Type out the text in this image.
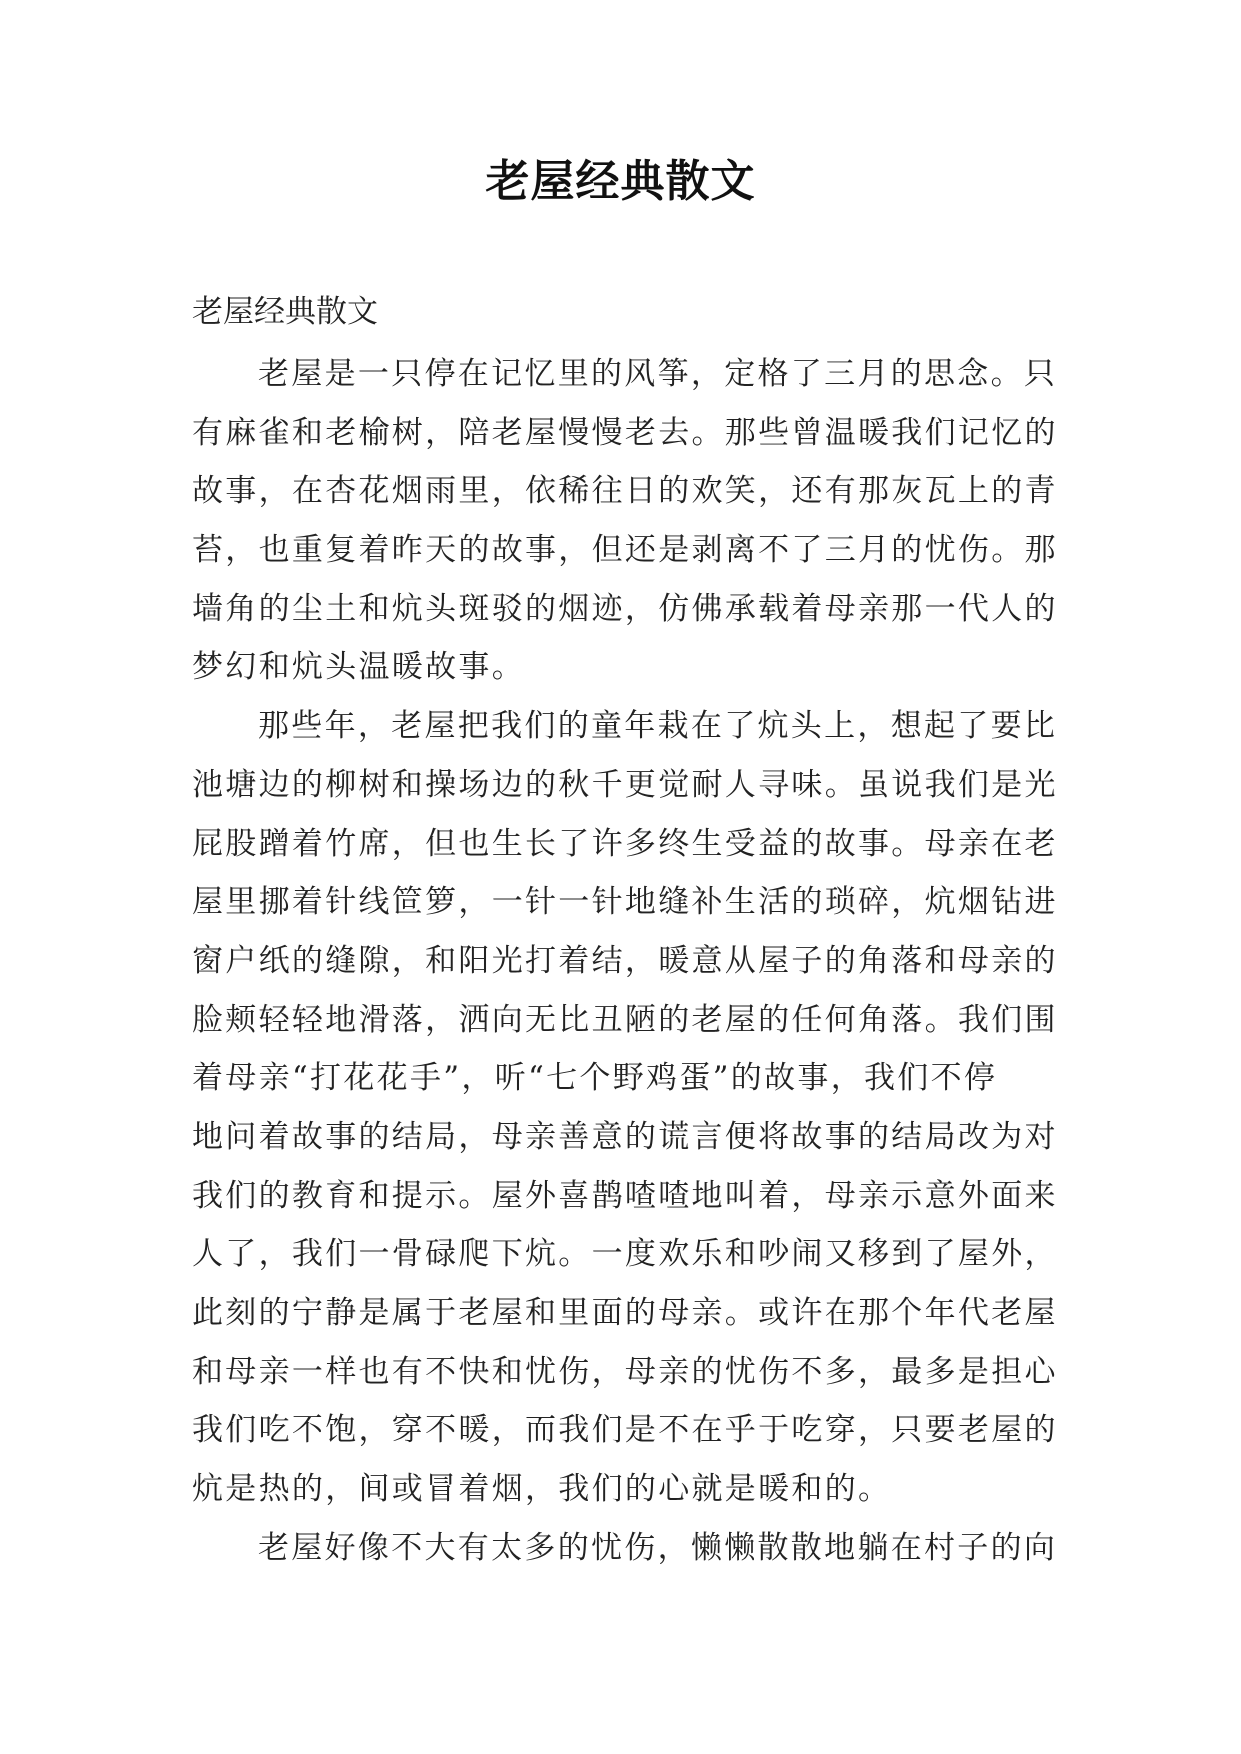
老屋经典散文
老屋经典散文
老屋是一只停在记忆里的风筝，定格了三月的思念。只
有麻雀和老榆树，陪老屋慢慢老去。那些曾温暖我们记忆的
故事，在杏花烟雨里，依稀往日的欢笑，还有那灰瓦上的青
苔，也重复着昨天的故事，但还是剥离不了三月的忧伤。那
墙角的尘土和炕头斑驳的烟迹，仿佛承载着母亲那一代人的
梦幻和炕头温暖故事。
那些年，老屋把我们的童年栽在了炕头上，想起了要比
池塘边的柳树和操场边的秋千更觉耐人寻味。虽说我们是光
屁股蹭着竹席，但也生长了许多终生受益的故事。母亲在老
屋里挪着针线笸箩，一针一针地缝补生活的琐碎，炕烟钻进
窗户纸的缝隙，和阳光打着结，暖意从屋子的角落和母亲的
脸颊轻轻地滑落，洒向无比丑陋的老屋的任何角落。我们围
着母亲“打花花手”，听“七个野鸡蛋”的故事，我们不停
地问着故事的结局，母亲善意的谎言便将故事的结局改为对
我们的教育和提示。屋外喜鹊喳喳地叫着，母亲示意外面来
人了，我们一骨碌爬下炕。一度欢乐和吵闹又移到了屋外，
此刻的宁静是属于老屋和里面的母亲。或许在那个年代老屋
和母亲一样也有不快和忧伤，母亲的忧伤不多，最多是担心
我们吃不饱，穿不暖，而我们是不在乎于吃穿，只要老屋的
炕是热的，间或冒着烟，我们的心就是暖和的。
老屋好像不大有太多的忧伤，懒懒散散地躺在村子的向
